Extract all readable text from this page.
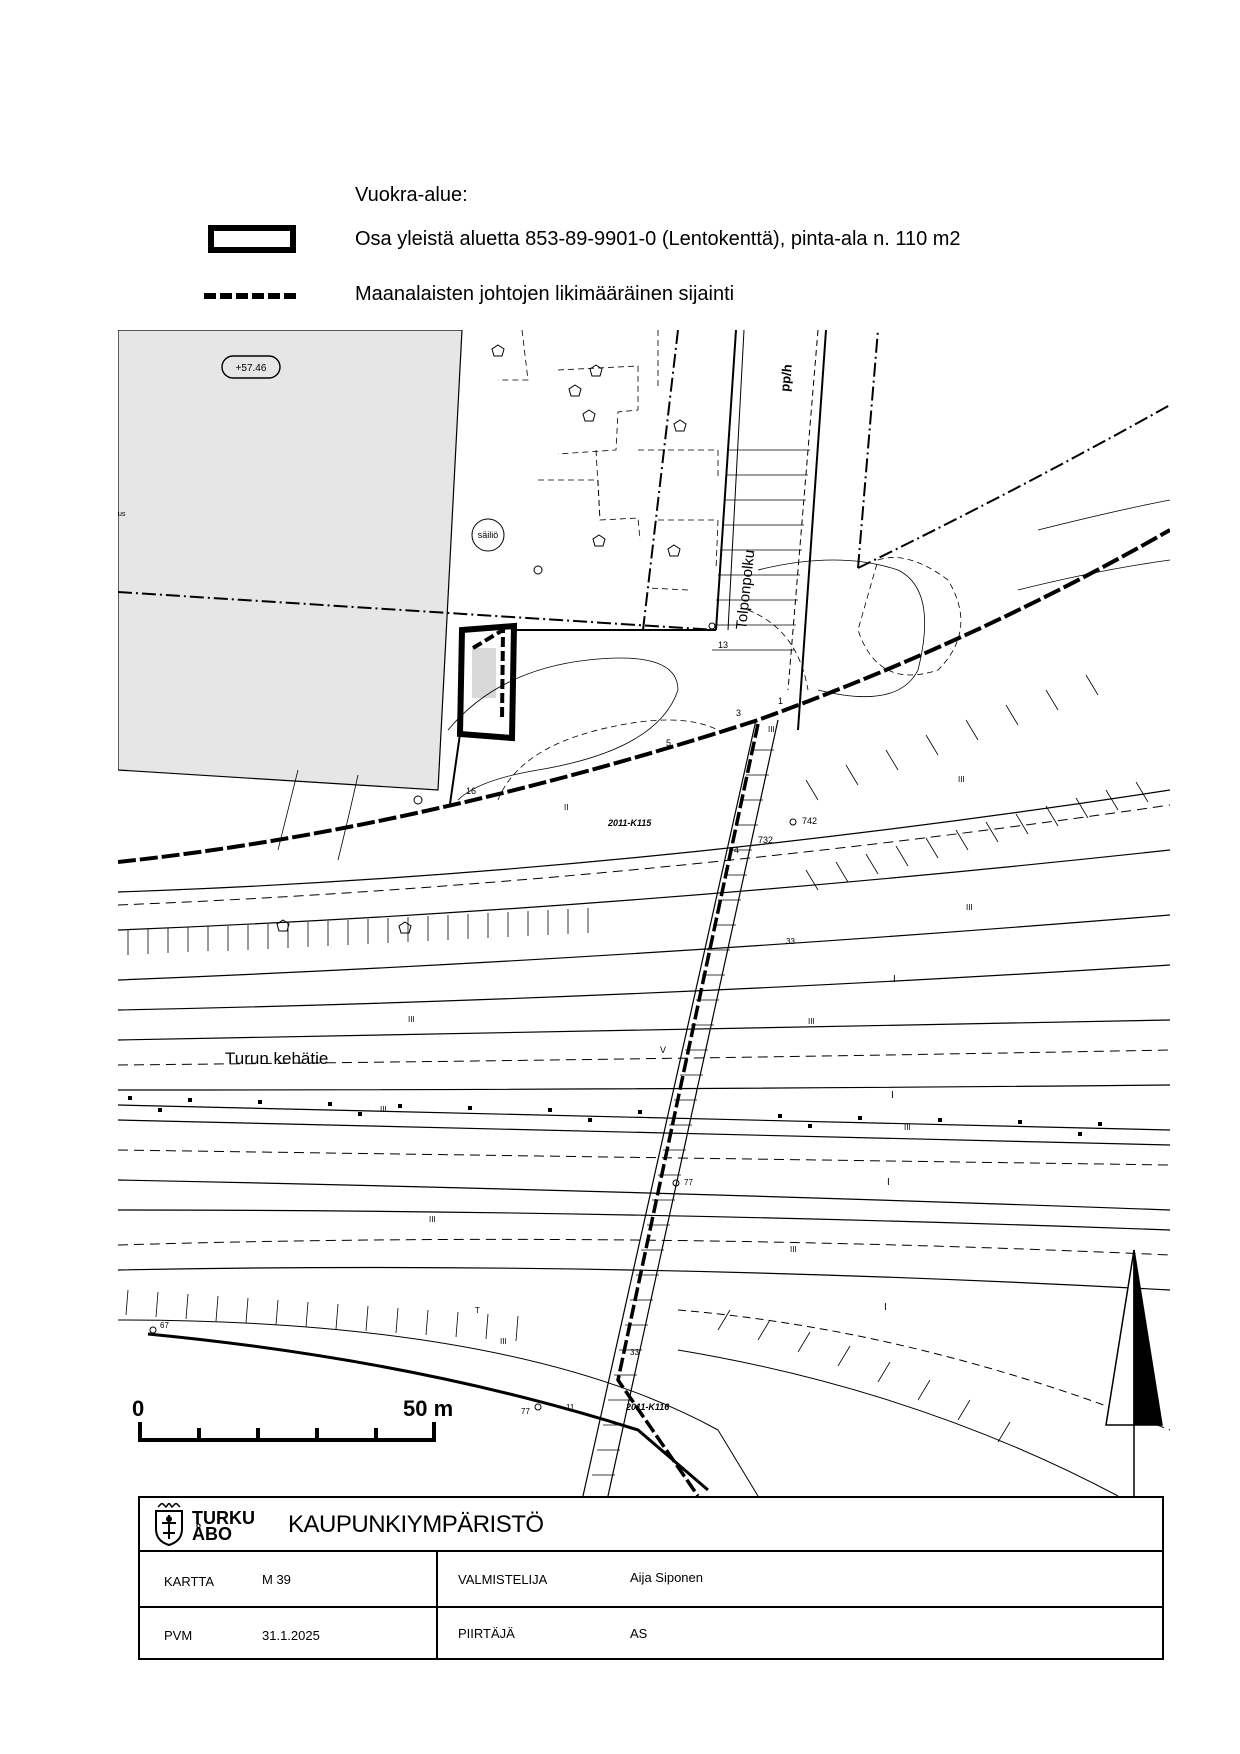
Vuokra-alue:
Osa yleistä aluetta 853-89-9901-0 (Lentokenttä), pinta-ala n. 110 m2
Maanalaisten johtojen likimääräinen sijainti
+57.46
säiliö
us
Tolponpolku
pp/h
Turun kehätie
2011-K115
2011-K116
13
16
5
3
4
742
732
33
33
77
77
67
11
1
III
III
III
III	III
III
III
III
III
III
II
I
I
I
I
V
T
0	50 m
TURKU
ÅBO	KAUPUNKIYMPÄRISTÖ
KARTTA	M 39	VALMISTELIJA	Aija Siponen
PVM	31.1.2025	PIIRTÄJÄ	AS
